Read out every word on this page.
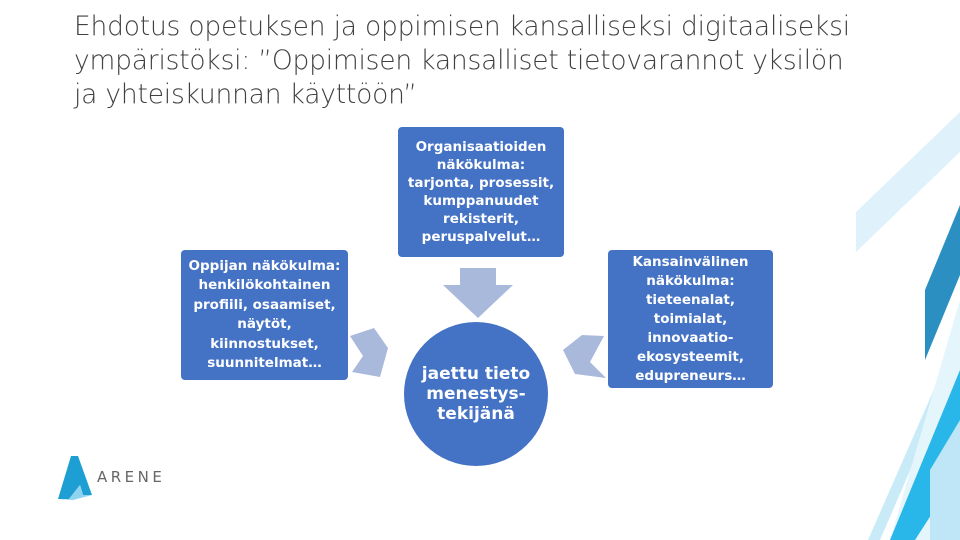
Ehdotus opetuksen ja oppimisen kansalliseksi digitaaliseksi ympäristöksi: ”Oppimisen kansalliset tietovarannot yksilön ja yhteiskunnan käyttöön”
Organisaatioiden näkökulma: tarjonta, prosessit, kumppanuudet rekisterit, peruspalvelut…
Oppijan näkökulma: henkilökohtainen profiili, osaamiset, näytöt, kiinnostukset, suunnitelmat…
Kansainvälinen näkökulma: tieteenalat, toimialat, innovaatio-ekosysteemit, edupreneurs…
jaettu tieto menestys-tekijänä
ARENE
